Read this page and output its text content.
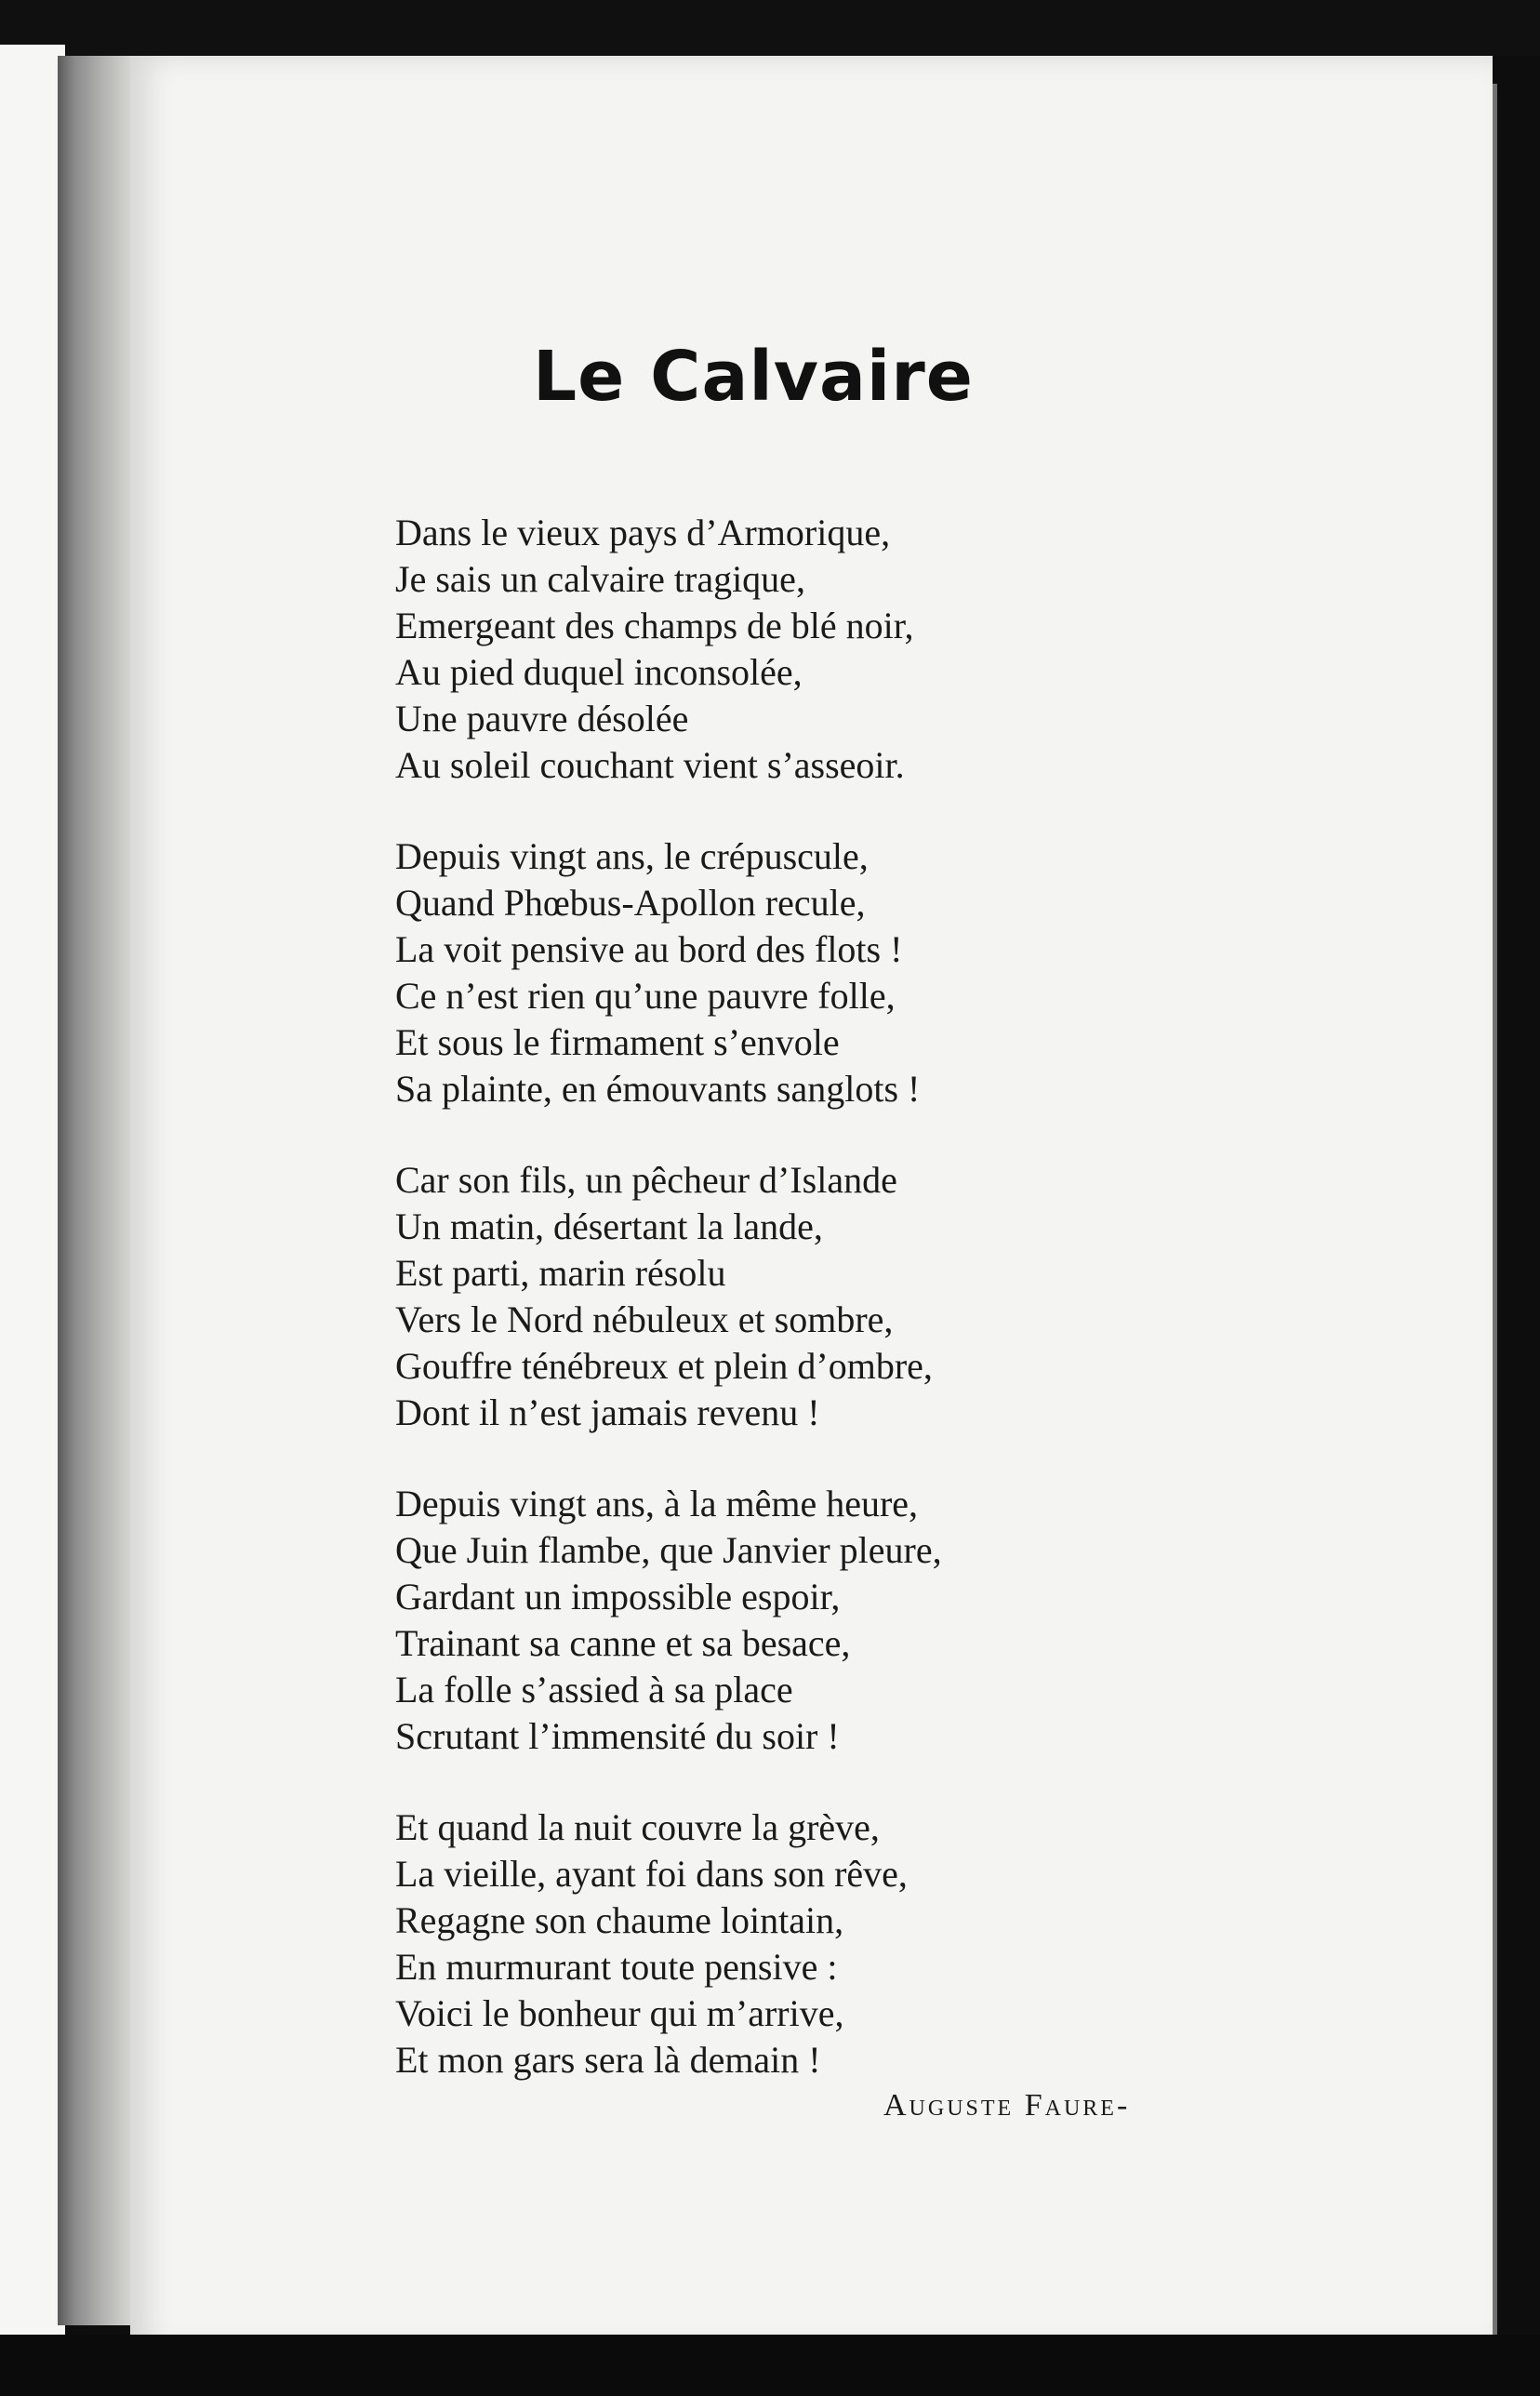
Le Calvaire
Dans le vieux pays d’Armorique,
Je sais un calvaire tragique,
Emergeant des champs de blé noir,
Au pied duquel inconsolée,
Une pauvre désolée
Au soleil couchant vient s’asseoir.
Depuis vingt ans, le crépuscule,
Quand Phœbus-Apollon recule,
La voit pensive au bord des flots !
Ce n’est rien qu’une pauvre folle,
Et sous le firmament s’envole
Sa plainte, en émouvants sanglots !
Car son fils, un pêcheur d’Islande
Un matin, désertant la lande,
Est parti, marin résolu
Vers le Nord nébuleux et sombre,
Gouffre ténébreux et plein d’ombre,
Dont il n’est jamais revenu !
Depuis vingt ans, à la même heure,
Que Juin flambe, que Janvier pleure,
Gardant un impossible espoir,
Trainant sa canne et sa besace,
La folle s’assied à sa place
Scrutant l’immensité du soir !
Et quand la nuit couvre la grève,
La vieille, ayant foi dans son rêve,
Regagne son chaume lointain,
En murmurant toute pensive :
Voici le bonheur qui m’arrive,
Et mon gars sera là demain !
Auguste Faure-
